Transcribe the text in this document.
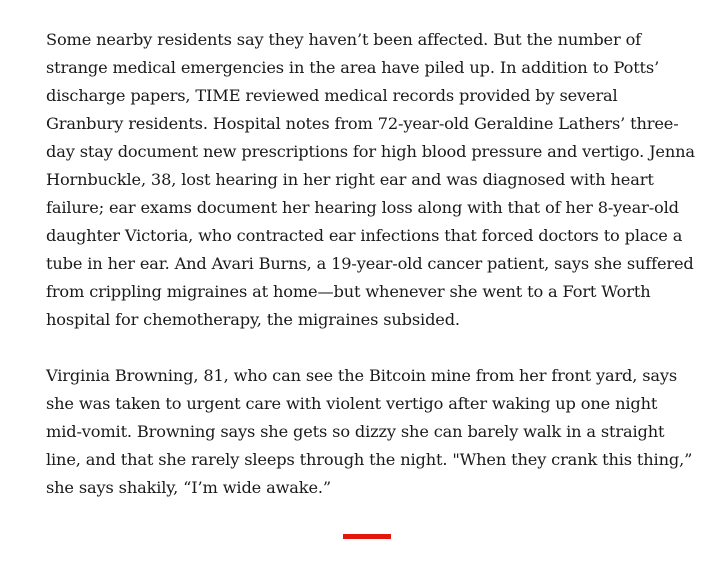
Some nearby residents say they haven’t been affected. But the number of strange medical emergencies in the area have piled up. In addition to Potts’ discharge papers, TIME reviewed medical records provided by several Granbury residents. Hospital notes from 72-year-old Geraldine Lathers’ three-day stay document new prescriptions for high blood pressure and vertigo. Jenna Hornbuckle, 38, lost hearing in her right ear and was diagnosed with heart failure; ear exams document her hearing loss along with that of her 8-year-old daughter Victoria, who contracted ear infections that forced doctors to place a tube in her ear. And Avari Burns, a 19-year-old cancer patient, says she suffered from crippling migraines at home—but whenever she went to a Fort Worth hospital for chemotherapy, the migraines subsided.

Virginia Browning, 81, who can see the Bitcoin mine from her front yard, says she was taken to urgent care with violent vertigo after waking up one night mid-vomit. Browning says she gets so dizzy she can barely walk in a straight line, and that she rarely sleeps through the night. "When they crank this thing,” she says shakily, “I’m wide awake.”
